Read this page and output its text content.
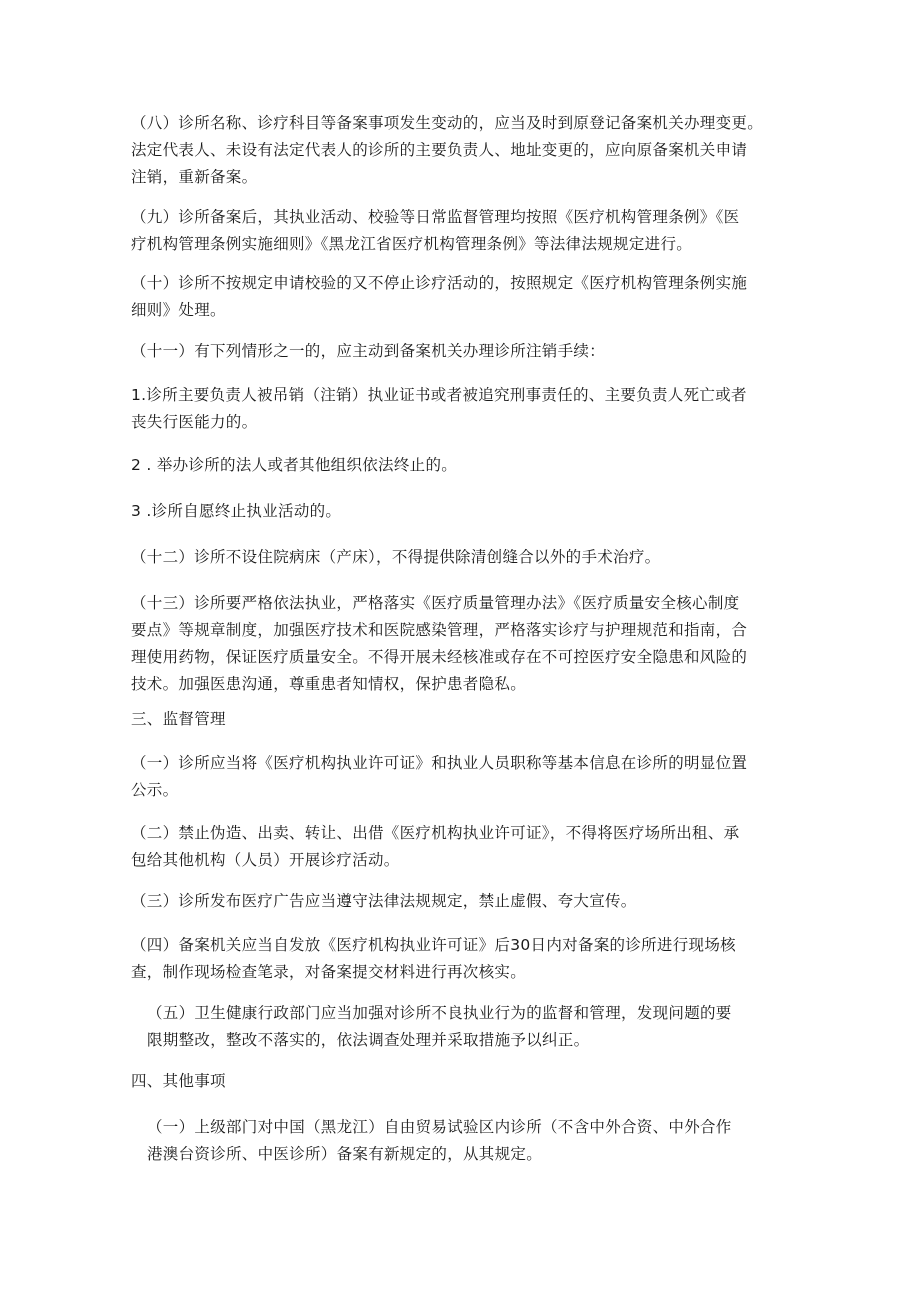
（八）诊所名称、诊疗科目等备案事项发生变动的，应当及时到原登记备案机关办理变更。
法定代表人、未设有法定代表人的诊所的主要负责人、地址变更的，应向原备案机关申请
注销，重新备案。

（九）诊所备案后，其执业活动、校验等日常监督管理均按照《医疗机构管理条例》《医
疗机构管理条例实施细则》《黑龙江省医疗机构管理条例》等法律法规规定进行。

（十）诊所不按规定申请校验的又不停止诊疗活动的，按照规定《医疗机构管理条例实施
细则》处理。

（十一）有下列情形之一的，应主动到备案机关办理诊所注销手续：

1.诊所主要负责人被吊销（注销）执业证书或者被追究刑事责任的、主要负责人死亡或者
丧失行医能力的。

2 . 举办诊所的法人或者其他组织依法终止的。

3 .诊所自愿终止执业活动的。

（十二）诊所不设住院病床（产床），不得提供除清创缝合以外的手术治疗。

（十三）诊所要严格依法执业，严格落实《医疗质量管理办法》《医疗质量安全核心制度
要点》等规章制度，加强医疗技术和医院感染管理，严格落实诊疗与护理规范和指南，合
理使用药物，保证医疗质量安全。不得开展未经核准或存在不可控医疗安全隐患和风险的
技术。加强医患沟通，尊重患者知情权，保护患者隐私。

三、监督管理

（一）诊所应当将《医疗机构执业许可证》和执业人员职称等基本信息在诊所的明显位置
公示。

（二）禁止伪造、出卖、转让、出借《医疗机构执业许可证》，不得将医疗场所出租、承
包给其他机构（人员）开展诊疗活动。

（三）诊所发布医疗广告应当遵守法律法规规定，禁止虚假、夸大宣传。

（四）备案机关应当自发放《医疗机构执业许可证》后30日内对备案的诊所进行现场核
查，制作现场检查笔录，对备案提交材料进行再次核实。

（五）卫生健康行政部门应当加强对诊所不良执业行为的监督和管理，发现问题的要
限期整改，整改不落实的，依法调查处理并采取措施予以纠正。

四、其他事项

（一）上级部门对中国（黑龙江）自由贸易试验区内诊所（不含中外合资、中外合作
港澳台资诊所、中医诊所）备案有新规定的，从其规定。
